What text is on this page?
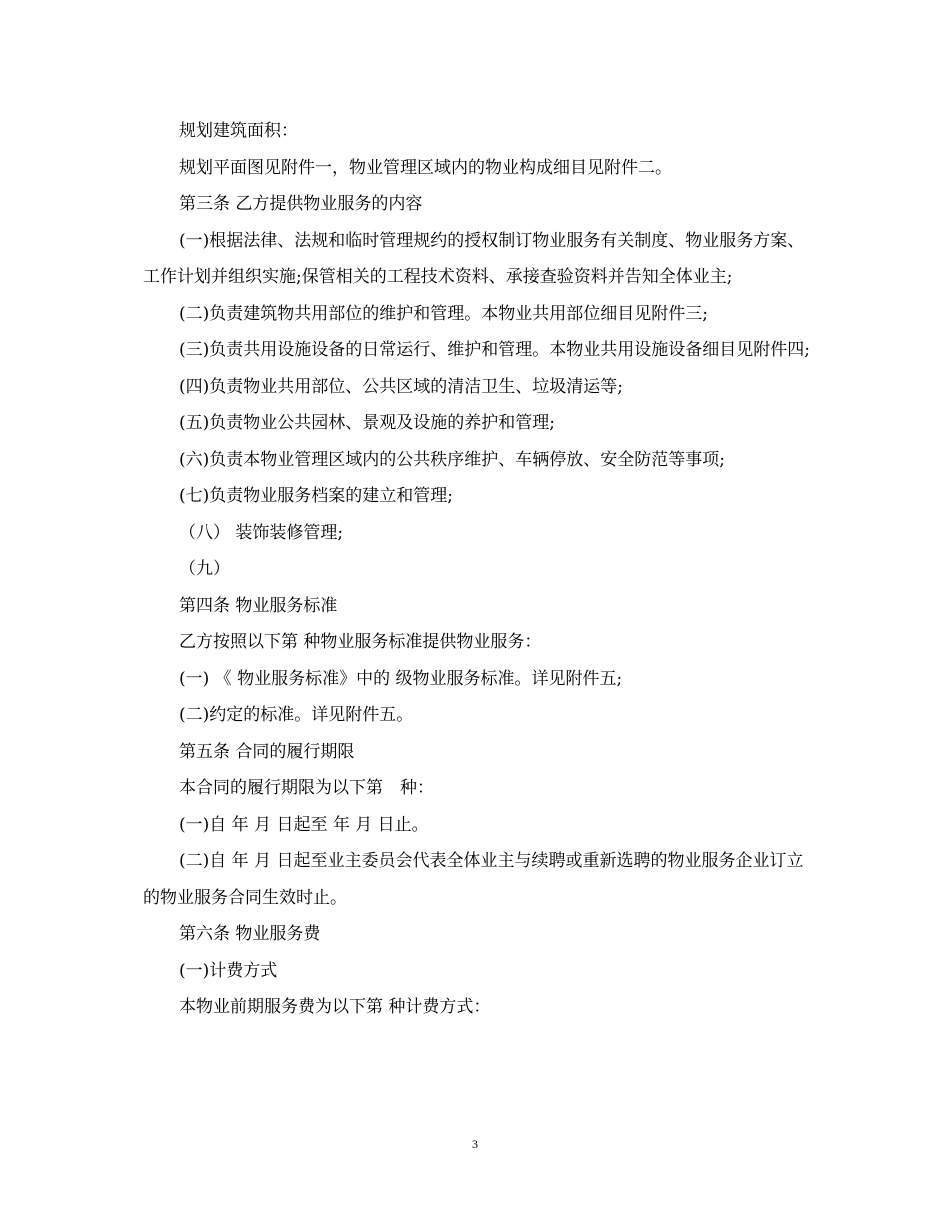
规划建筑面积：

规划平面图见附件一，物业管理区域内的物业构成细目见附件二。

第三条 乙方提供物业服务的内容

(一)根据法律、法规和临时管理规约的授权制订物业服务有关制度、物业服务方案、工作计划并组织实施;保管相关的工程技术资料、承接查验资料并告知全体业主;

(二)负责建筑物共用部位的维护和管理。本物业共用部位细目见附件三;

(三)负责共用设施设备的日常运行、维护和管理。本物业共用设施设备细目见附件四;

(四)负责物业共用部位、公共区域的清洁卫生、垃圾清运等;

(五)负责物业公共园林、景观及设施的养护和管理;

(六)负责本物业管理区域内的公共秩序维护、车辆停放、安全防范等事项;

(七)负责物业服务档案的建立和管理;

（八） 装饰装修管理;

（九）

第四条 物业服务标准

乙方按照以下第 种物业服务标准提供物业服务：

(一) 《 物业服务标准》中的 级物业服务标准。详见附件五;

(二)约定的标准。详见附件五。

第五条 合同的履行期限

本合同的履行期限为以下第　种：

(一)自 年 月 日起至 年 月 日止。

(二)自 年 月 日起至业主委员会代表全体业主与续聘或重新选聘的物业服务企业订立的物业服务合同生效时止。

第六条 物业服务费

(一)计费方式

本物业前期服务费为以下第 种计费方式：

3
